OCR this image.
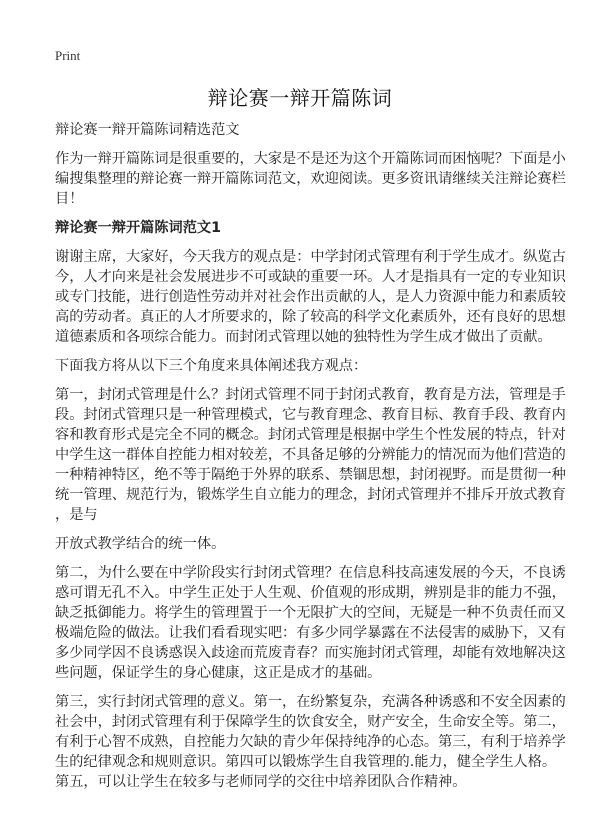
Print
辩论赛一辩开篇陈词

辩论赛一辩开篇陈词精选范文

作为一辩开篇陈词是很重要的，大家是不是还为这个开篇陈词而困恼呢？下面是小
编搜集整理的辩论赛一辩开篇陈词范文，欢迎阅读。更多资讯请继续关注辩论赛栏
目！

辩论赛一辩开篇陈词范文1

谢谢主席，大家好，今天我方的观点是：中学封闭式管理有利于学生成才。纵览古
今，人才向来是社会发展进步不可或缺的重要一环。人才是指具有一定的专业知识
或专门技能，进行创造性劳动并对社会作出贡献的人，是人力资源中能力和素质较
高的劳动者。真正的人才所要求的，除了较高的科学文化素质外，还有良好的思想
道德素质和各项综合能力。而封闭式管理以她的独特性为学生成才做出了贡献。

下面我方将从以下三个角度来具体阐述我方观点：

第一，封闭式管理是什么？封闭式管理不同于封闭式教育，教育是方法，管理是手
段。封闭式管理只是一种管理模式，它与教育理念、教育目标、教育手段、教育内
容和教育形式是完全不同的概念。封闭式管理是根据中学生个性发展的特点，针对
中学生这一群体自控能力相对较差，不具备足够的分辨能力的情况而为他们营造的
一种精神特区，绝不等于隔绝于外界的联系、禁锢思想，封闭视野。而是贯彻一种
统一管理、规范行为，锻炼学生自立能力的理念，封闭式管理并不排斥开放式教育
，是与

开放式教学结合的统一体。

第二，为什么要在中学阶段实行封闭式管理？在信息科技高速发展的今天，不良诱
惑可谓无孔不入。中学生正处于人生观、价值观的形成期，辨别是非的能力不强，
缺乏抵御能力。将学生的管理置于一个无限扩大的空间，无疑是一种不负责任而又
极端危险的做法。让我们看看现实吧：有多少同学暴露在不法侵害的威胁下，又有
多少同学因不良诱惑误入歧途而荒废青春？而实施封闭式管理，却能有效地解决这
些问题，保证学生的身心健康，这正是成才的基础。

第三，实行封闭式管理的意义。第一，在纷繁复杂，充满各种诱惑和不安全因素的
社会中，封闭式管理有利于保障学生的饮食安全，财产安全，生命安全等。第二，
有利于心智不成熟，自控能力欠缺的青少年保持纯净的心态。第三，有利于培养学
生的纪律观念和规则意识。第四可以锻炼学生自我管理的.能力，健全学生人格。
第五，可以让学生在较多与老师同学的交往中培养团队合作精神。
